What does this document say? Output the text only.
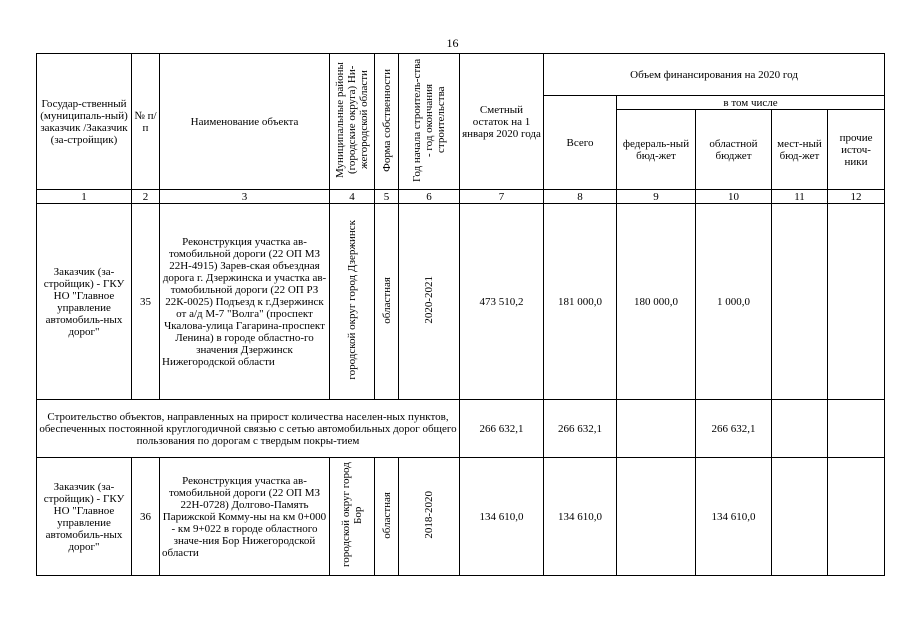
16
Государ-ственный (муниципаль-ный) заказчик /Заказчик (за-стройщик)	№ п/п	Наименование объекта	Муниципальные районы (городские округа) Ни-жегородской области	Форма собственности	Год начала строитель-ства - год окончания строительства	Сметный остаток на 1 января 2020 года	Объем финансирования на 2020 год				
							Всего	в том числе			
								федераль-ный бюд-жет	областной бюджет	мест-ный бюд-жет	прочие источ-ники
1	2	3	4	5	6	7	8	9	10	11	12
Заказчик (за-стройщик) - ГКУ НО "Главное управление автомобиль-ных дорог"	35	Реконструкция участка ав-томобильной дороги (22 ОП МЗ 22Н-4915) Зарев-ская объездная дорога г. Дзержинска и участка ав-томобильной дороги (22 ОП РЗ 22К-0025) Подъезд к г.Дзержинск от а/д М-7 "Волга" (проспект Чкалова-улица Гагарина-проспект Ленина) в городе областно-го значения Дзержинск Нижегородской области	городской округ город Дзержинск	областная	2020-2021	473 510,2	181 000,0	180 000,0	1 000,0		
Строительство объектов, направленных на прирост количества населен-ных пунктов, обеспеченных постоянной круглогодичной связью с сетью автомобильных дорог общего пользования по дорогам с твердым покры-тием						266 632,1	266 632,1		266 632,1		
Заказчик (за-стройщик) - ГКУ НО "Главное управление автомобиль-ных дорог"	36	Реконструкция участка ав-томобильной дороги (22 ОП МЗ 22Н-0728) Долгово-Память Парижской Комму-ны на км 0+000 - км 9+022 в городе областного значе-ния Бор Нижегородской области	городской округ город Бор	областная	2018-2020	134 610,0	134 610,0		134 610,0		
